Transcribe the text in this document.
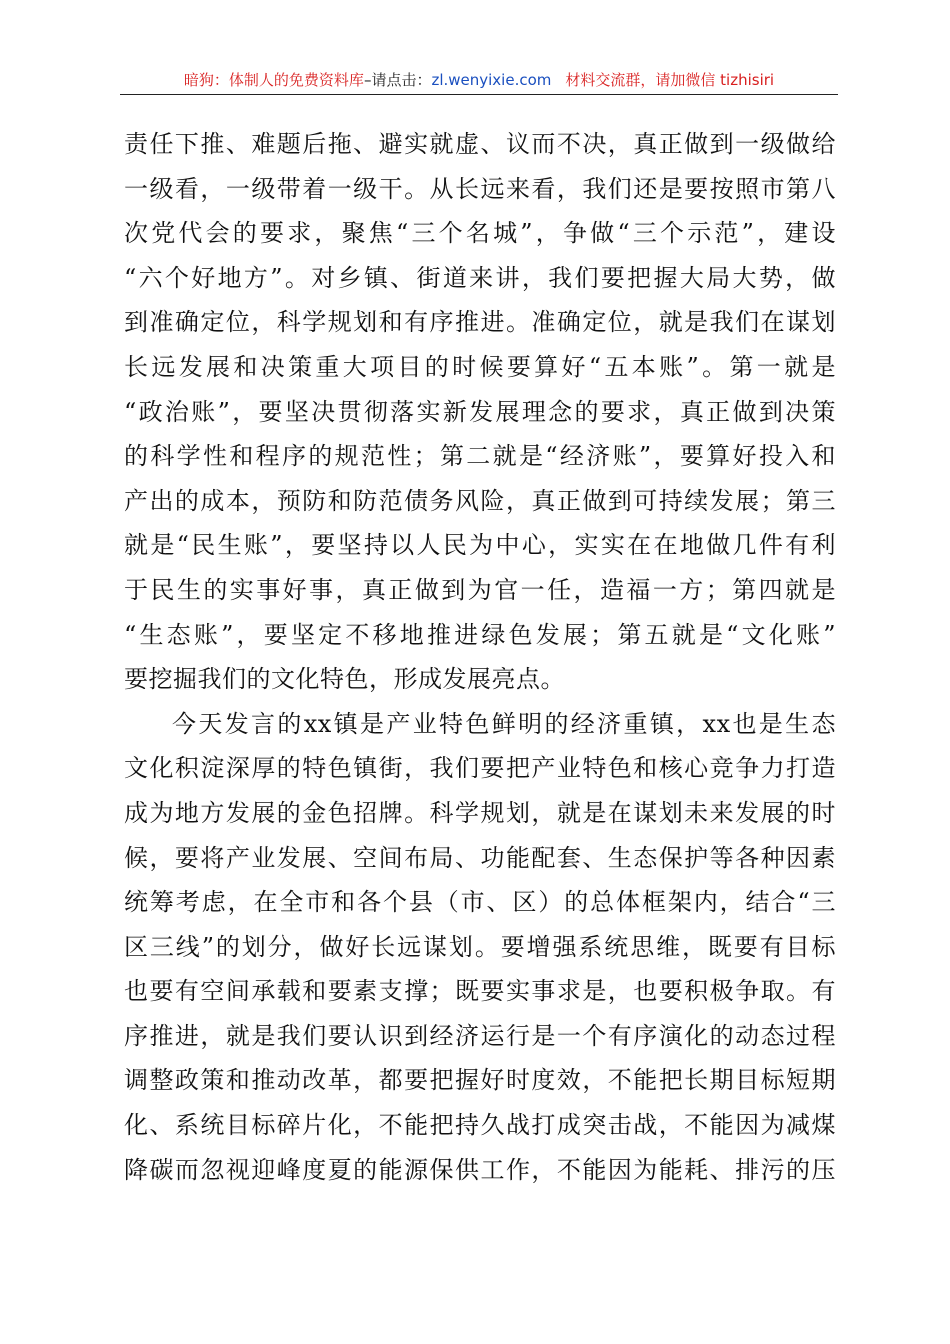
暗狗：体制人的免费资料库–请点击：zl.wenyixie.com 材料交流群，请加微信 tizhisiri
责任下推、难题后拖、避实就虚、议而不决，真正做到一级做给
一级看，一级带着一级干。从长远来看，我们还是要按照市第八
次党代会的要求，聚焦“三个名城”，争做“三个示范”，建设
“六个好地方”。对乡镇、街道来讲，我们要把握大局大势，做
到准确定位，科学规划和有序推进。准确定位，就是我们在谋划
长远发展和决策重大项目的时候要算好“五本账”。第一就是
“政治账”，要坚决贯彻落实新发展理念的要求，真正做到决策
的科学性和程序的规范性；第二就是“经济账”，要算好投入和
产出的成本，预防和防范债务风险，真正做到可持续发展；第三
就是“民生账”，要坚持以人民为中心，实实在在地做几件有利
于民生的实事好事，真正做到为官一任，造福一方；第四就是
“生态账”，要坚定不移地推进绿色发展；第五就是“文化账”
要挖掘我们的文化特色，形成发展亮点。
今天发言的xx镇是产业特色鲜明的经济重镇，xx也是生态
文化积淀深厚的特色镇街，我们要把产业特色和核心竞争力打造
成为地方发展的金色招牌。科学规划，就是在谋划未来发展的时
候，要将产业发展、空间布局、功能配套、生态保护等各种因素
统筹考虑，在全市和各个县（市、区）的总体框架内，结合“三
区三线”的划分，做好长远谋划。要增强系统思维，既要有目标
也要有空间承载和要素支撑；既要实事求是，也要积极争取。有
序推进，就是我们要认识到经济运行是一个有序演化的动态过程
调整政策和推动改革，都要把握好时度效，不能把长期目标短期
化、系统目标碎片化，不能把持久战打成突击战，不能因为减煤
降碳而忽视迎峰度夏的能源保供工作，不能因为能耗、排污的压
